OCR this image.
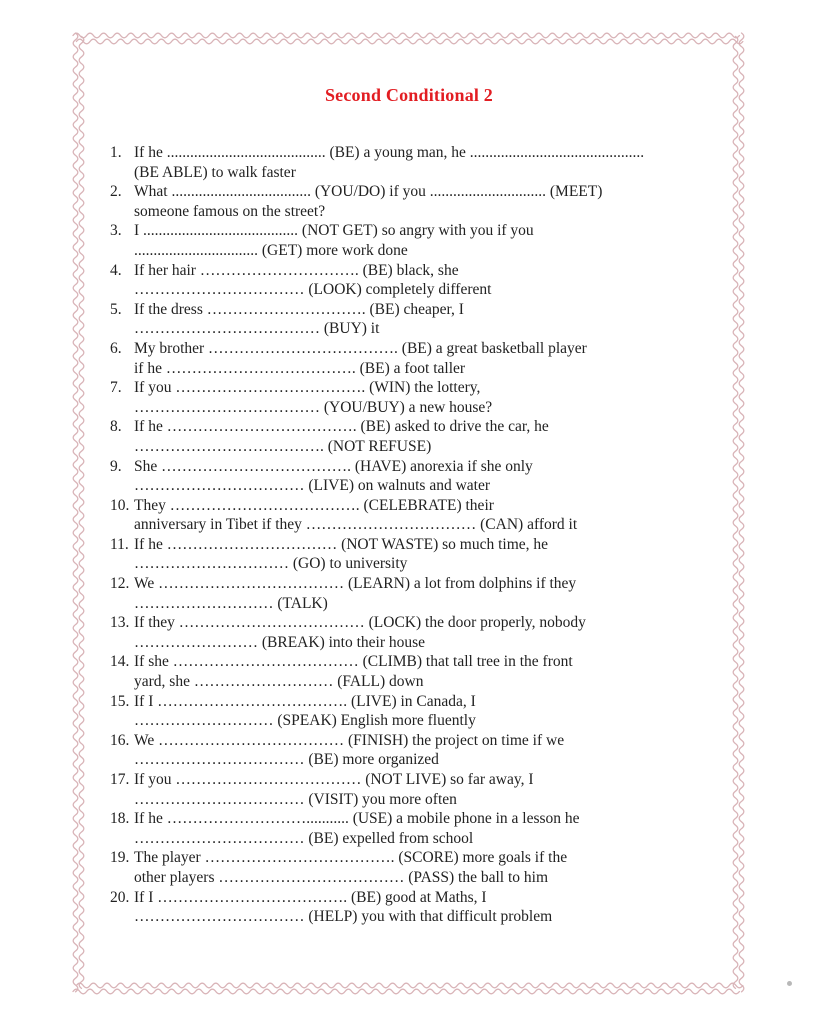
Second Conditional 2
1. If he ......................................... (BE) a young man, he .............................................
(BE ABLE) to walk faster
2. What .................................... (YOU/DO) if you .............................. (MEET)
someone famous on the street?
3. I ........................................ (NOT GET) so angry with you if you
................................ (GET) more work done
4. If her hair …………………………. (BE) black, she
…………………………… (LOOK) completely different
5. If the dress …………………………. (BE) cheaper, I
……………………………… (BUY) it
6. My brother ………………………………. (BE) a great basketball player
if he ………………………………. (BE) a foot taller
7. If you ………………………………. (WIN) the lottery,
……………………………… (YOU/BUY) a new house?
8. If he ………………………………. (BE) asked to drive the car, he
………………………………. (NOT REFUSE)
9. She ………………………………. (HAVE) anorexia if she only
…………………………… (LIVE) on walnuts and water
10. They ………………………………. (CELEBRATE) their
anniversary in Tibet if they …………………………… (CAN) afford it
11. If he …………………………… (NOT WASTE) so much time, he
………………………… (GO) to university
12. We ……………………………… (LEARN) a lot from dolphins if they
……………………… (TALK)
13. If they ……………………………… (LOCK) the door properly, nobody
…………………… (BREAK) into their house
14. If she ……………………………… (CLIMB) that tall tree in the front
yard, she ……………………… (FALL) down
15. If I ………………………………. (LIVE) in Canada, I
……………………… (SPEAK) English more fluently
16. We ……………………………… (FINISH) the project on time if we
…………………………… (BE) more organized
17. If you ……………………………… (NOT LIVE) so far away, I
…………………………… (VISIT) you more often
18. If he ………………………........... (USE) a mobile phone in a lesson he
…………………………… (BE) expelled from school
19. The player ………………………………. (SCORE) more goals if the
other players ……………………………… (PASS) the ball to him
20. If I ………………………………. (BE) good at Maths, I
…………………………… (HELP) you with that difficult problem
